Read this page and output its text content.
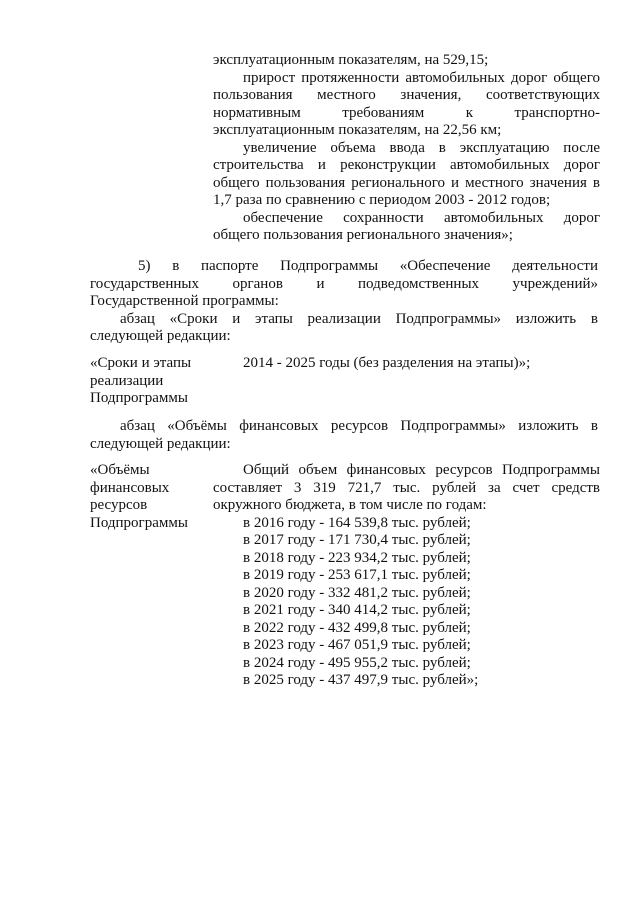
эксплуатационным показателям, на 529,15;
прирост протяженности автомобильных дорог общего
пользования местного значения, соответствующих
нормативным требованиям к транспортно-
эксплуатационным показателям, на 22,56 км;
увеличение объема ввода в эксплуатацию после
строительства и реконструкции автомобильных дорог
общего пользования регионального и местного значения в
1,7 раза по сравнению с периодом 2003 - 2012 годов;
обеспечение сохранности автомобильных дорог
общего пользования регионального значения»;
5) в паспорте Подпрограммы «Обеспечение деятельности
государственных органов и подведомственных учреждений»
Государственной программы:
абзац «Сроки и этапы реализации Подпрограммы» изложить в
следующей редакции:
«Сроки и этапы
реализации
Подпрограммы
2014 - 2025 годы (без разделения на этапы)»;
абзац «Объёмы финансовых ресурсов Подпрограммы» изложить в
следующей редакции:
«Объёмы
финансовых
ресурсов
Подпрограммы
Общий объем финансовых ресурсов Подпрограммы
составляет 3 319 721,7 тыс. рублей за счет средств
окружного бюджета, в том числе по годам:
в 2016 году - 164 539,8 тыс. рублей;
в 2017 году - 171 730,4 тыс. рублей;
в 2018 году - 223 934,2 тыс. рублей;
в 2019 году - 253 617,1 тыс. рублей;
в 2020 году - 332 481,2 тыс. рублей;
в 2021 году - 340 414,2 тыс. рублей;
в 2022 году - 432 499,8 тыс. рублей;
в 2023 году - 467 051,9 тыс. рублей;
в 2024 году - 495 955,2 тыс. рублей;
в 2025 году - 437 497,9 тыс. рублей»;
